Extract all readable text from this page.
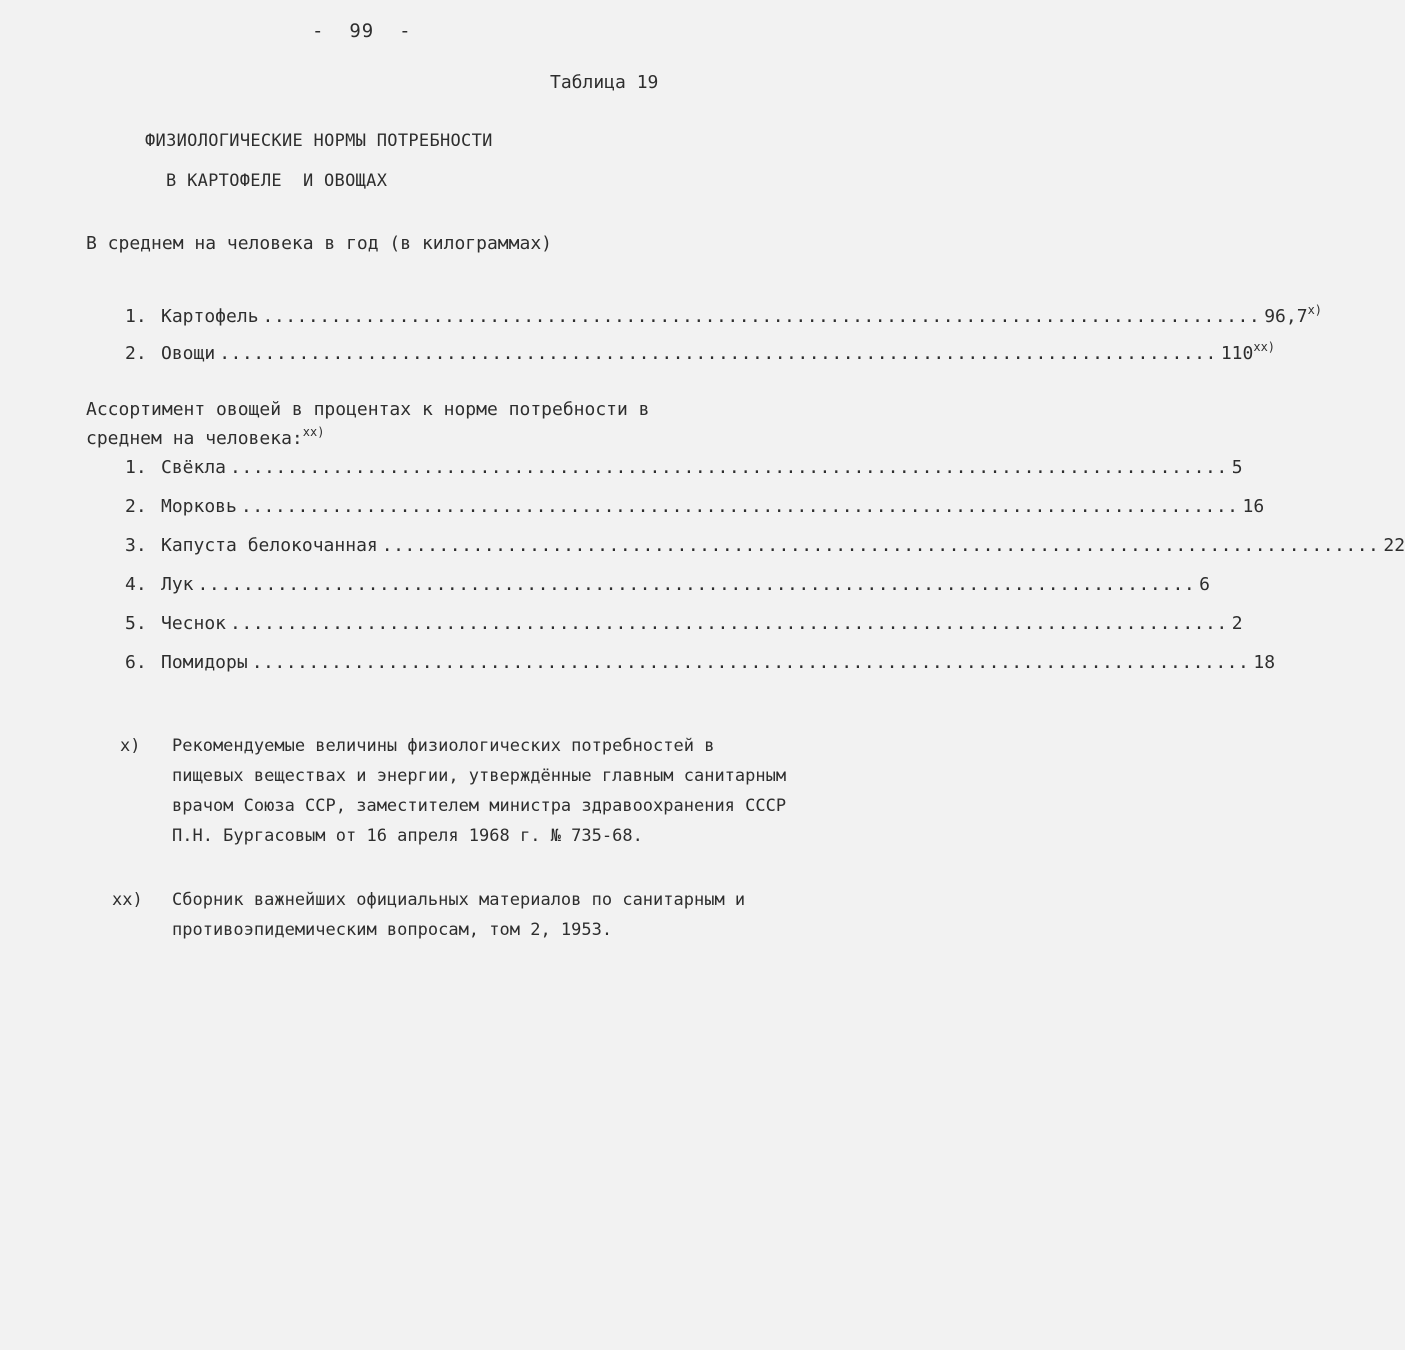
-  99  -
Таблица 19
ФИЗИОЛОГИЧЕСКИЕ НОРМЫ ПОТРЕБНОСТИ
В КАРТОФЕЛЕ  И ОВОЩАХ
В среднем на человека в год (в килограммах)
1. Картофель ........................................................................................ 96,7$^{x)}$
2. Овощи ........................................................................................ 110$^{xx)}$
Ассортимент овощей в процентах к норме потребности в среднем на человека:$^{xx)}$
1. Свёкла ........................................................................................ 5
2. Морковь ........................................................................................ 16
3. Капуста белокочанная ........................................................................................ 22
4. Лук ........................................................................................ 6
5. Чеснок ........................................................................................ 2
6. Помидоры ........................................................................................ 18
x) Рекомендуемые величины физиологических потребностей в пищевых веществах и энергии, утверждённые главным санитарным врачом Союза ССР, заместителем министра здравоохранения СССР П.Н. Бургасовым от 16 апреля 1968 г. № 735-68.
xx) Сборник важнейших официальных материалов по санитарным и противоэпидемическим вопросам, том 2, 1953.
